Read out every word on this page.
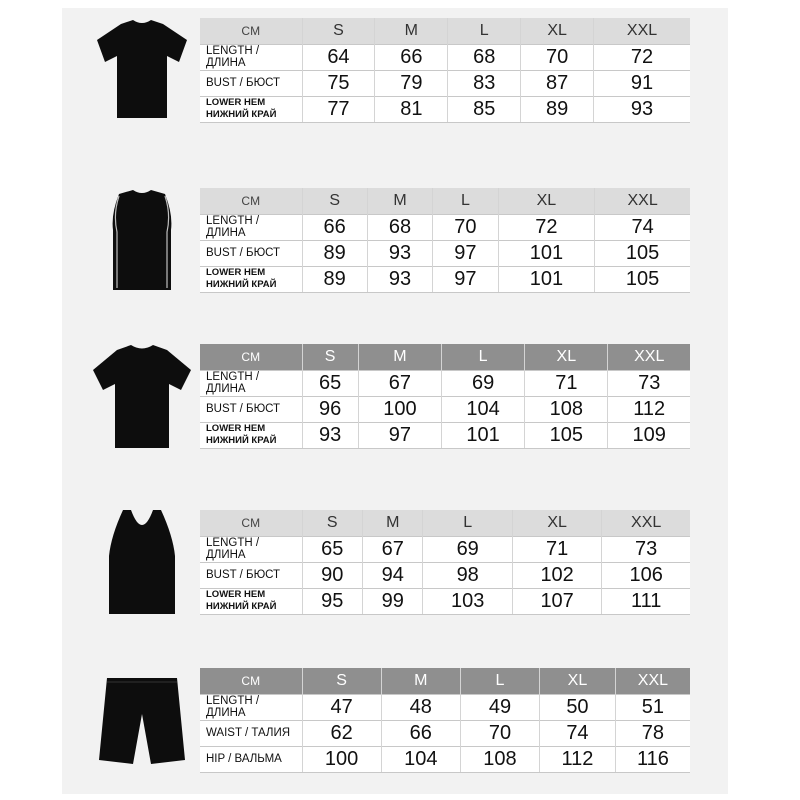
CM	S	M	L	XL	XXL
LENGTH / ДЛИНА	64	66	68	70	72
BUST / БЮСТ	75	79	83	87	91

LOWER HEM
НИЖНИЙ КРАЙ	77	81	85	89	93
CM	S	M	L	XL	XXL
LENGTH / ДЛИНА	66	68	70	72	74
BUST / БЮСТ	89	93	97	101	105

LOWER HEM
НИЖНИЙ КРАЙ	89	93	97	101	105
CM	S	M	L	XL	XXL
LENGTH / ДЛИНА	65	67	69	71	73
BUST / БЮСТ	96	100	104	108	112

LOWER HEM
НИЖНИЙ КРАЙ	93	97	101	105	109
CM	S	M	L	XL	XXL
LENGTH / ДЛИНА	65	67	69	71	73
BUST / БЮСТ	90	94	98	102	106

LOWER HEM
НИЖНИЙ КРАЙ	95	99	103	107	111
CM	S	M	L	XL	XXL
LENGTH / ДЛИНА	47	48	49	50	51
WAIST / ТАЛИЯ	62	66	70	74	78
HIP / ВАЛЬМА	100	104	108	112	116
